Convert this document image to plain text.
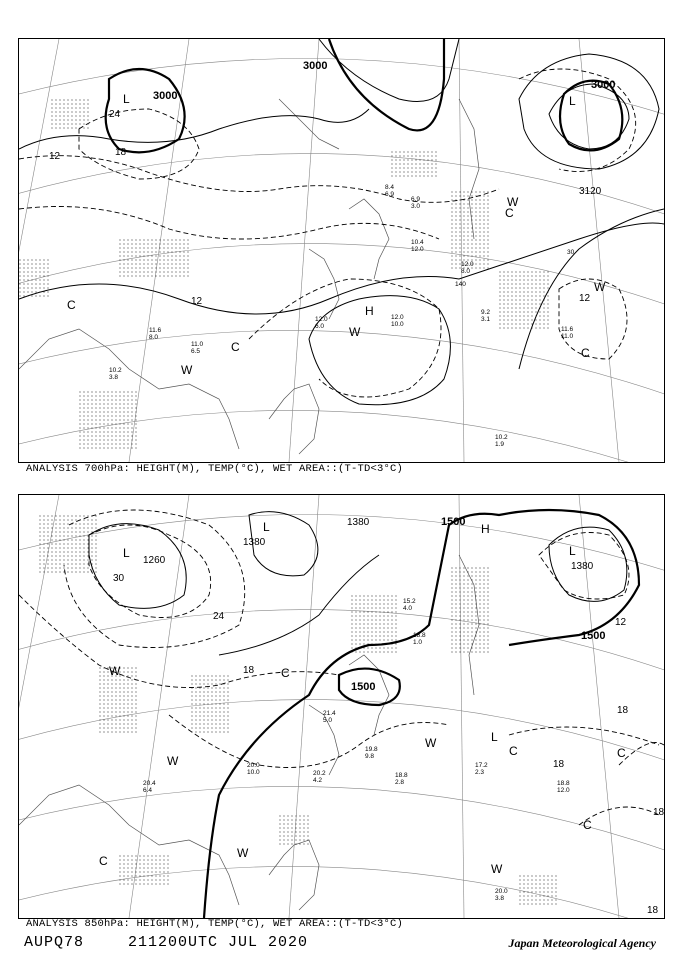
3000
3000
3000
3120
24
18
12
12	12
30
140
L	L
H
W
W
W
W
C
C
C
C
10.2 1.9
9.2 3.1
11.6 11.0
12.0 6.0
12.0 10.0
10.4 12.0
10.2 3.8
11.0 6.5
11.6 8.0
8.4 6.9
6.9 3.0
12.0 8.0
ANALYSIS 700hPa: HEIGHT(M), TEMP(°C), WET AREA::(T-TD<3°C)
1500
1500
1500
1380
1380
1380
1260
30
24
18
18
18
12
18
18
L
L
L
L
H
W
W
W
W
W
C
C
C
C
C
20.0 3.8
17.2 2.3
18.8 2.8
19.8 9.8
20.2 4.2
20.0 10.0
20.4 6.4
18.8 12.0
15.2 4.0
18.8 1.0
21.4 5.0
ANALYSIS 850hPa: HEIGHT(M), TEMP(°C), WET AREA::(T-TD<3°C)
AUPQ78	211200UTC JUL 2020	Japan Meteorological Agency
